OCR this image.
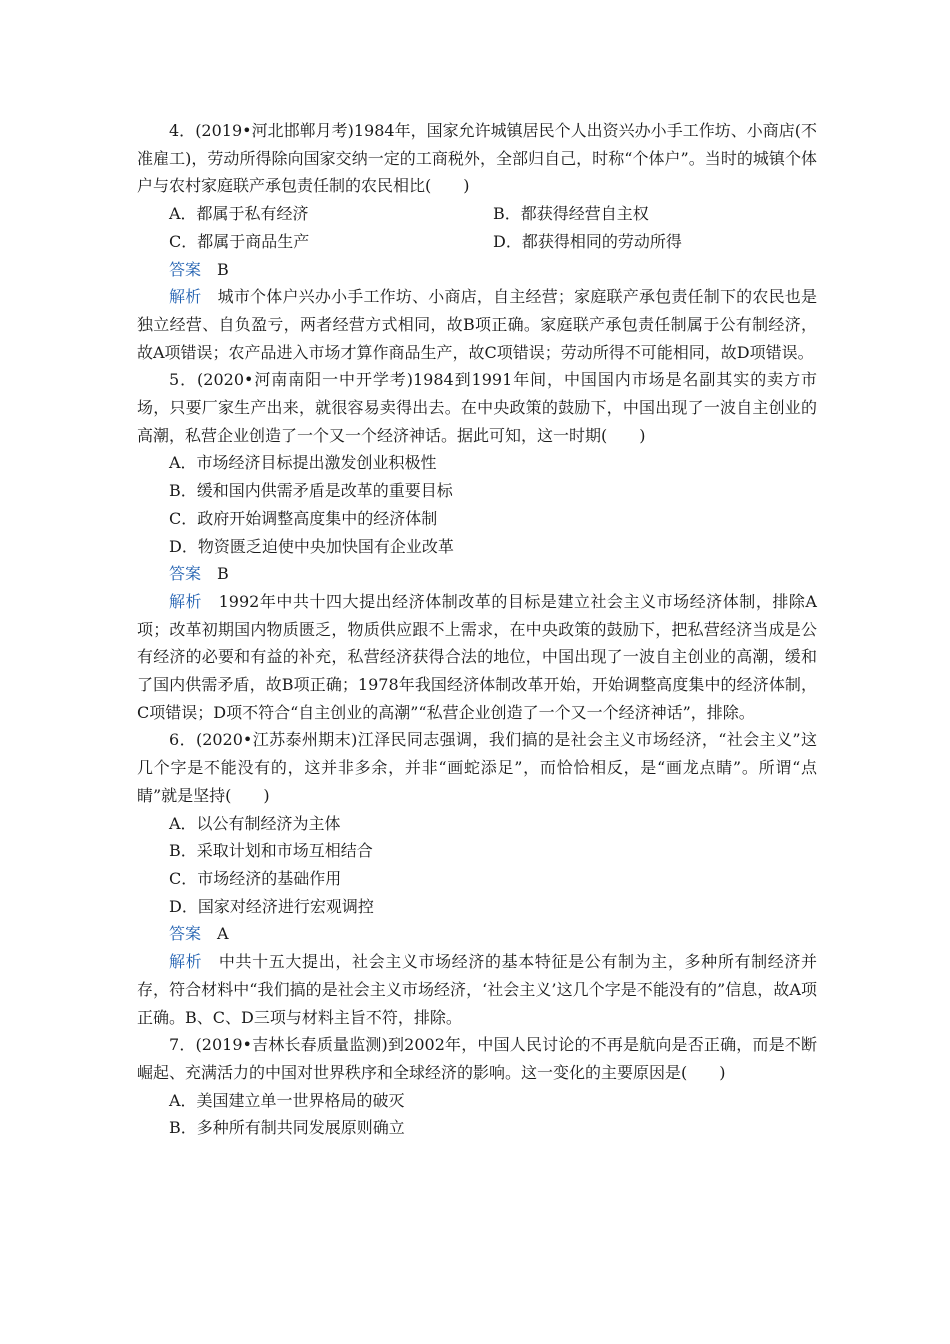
4．(2019•河北邯郸月考)1984年，国家允许城镇居民个人出资兴办小手工作坊、小商店(不准雇工)，劳动所得除向国家交纳一定的工商税外，全部归自己，时称“个体户”。当时的城镇个体户与农村家庭联产承包责任制的农民相比(　　)

A．都属于私有经济	B．都获得经营自主权
C．都属于商品生产	D．都获得相同的劳动所得

答案　 B

解析　 城市个体户兴办小手工作坊、小商店，自主经营；家庭联产承包责任制下的农民也是独立经营、自负盈亏，两者经营方式相同，故B项正确。家庭联产承包责任制属于公有制经济，故A项错误；农产品进入市场才算作商品生产，故C项错误；劳动所得不可能相同，故D项错误。

5．(2020•河南南阳一中开学考)1984到1991年间，中国国内市场是名副其实的卖方市场，只要厂家生产出来，就很容易卖得出去。在中央政策的鼓励下，中国出现了一波自主创业的高潮，私营企业创造了一个又一个经济神话。据此可知，这一时期(　　)

A．市场经济目标提出激发创业积极性

B．缓和国内供需矛盾是改革的重要目标

C．政府开始调整高度集中的经济体制

D．物资匮乏迫使中央加快国有企业改革

答案　 B

解析　 1992年中共十四大提出经济体制改革的目标是建立社会主义市场经济体制，排除A项；改革初期国内物质匮乏，物质供应跟不上需求，在中央政策的鼓励下，把私营经济当成是公有经济的必要和有益的补充，私营经济获得合法的地位，中国出现了一波自主创业的高潮，缓和了国内供需矛盾，故B项正确；1978年我国经济体制改革开始，开始调整高度集中的经济体制，C项错误；D项不符合“自主创业的高潮”“私营企业创造了一个又一个经济神话”，排除。

6．(2020•江苏泰州期末)江泽民同志强调，我们搞的是社会主义市场经济，“社会主义”这几个字是不能没有的，这并非多余，并非“画蛇添足”，而恰恰相反，是“画龙点睛”。所谓“点睛”就是坚持(　　)

A．以公有制经济为主体

B．采取计划和市场互相结合

C．市场经济的基础作用

D．国家对经济进行宏观调控

答案　 A

解析　 中共十五大提出，社会主义市场经济的基本特征是公有制为主，多种所有制经济并存，符合材料中“我们搞的是社会主义市场经济，‘社会主义’这几个字是不能没有的”信息，故A项正确。B、C、D三项与材料主旨不符，排除。

7．(2019•吉林长春质量监测)到2002年，中国人民讨论的不再是航向是否正确，而是不断崛起、充满活力的中国对世界秩序和全球经济的影响。这一变化的主要原因是(　　)

A．美国建立单一世界格局的破灭

B．多种所有制共同发展原则确立
